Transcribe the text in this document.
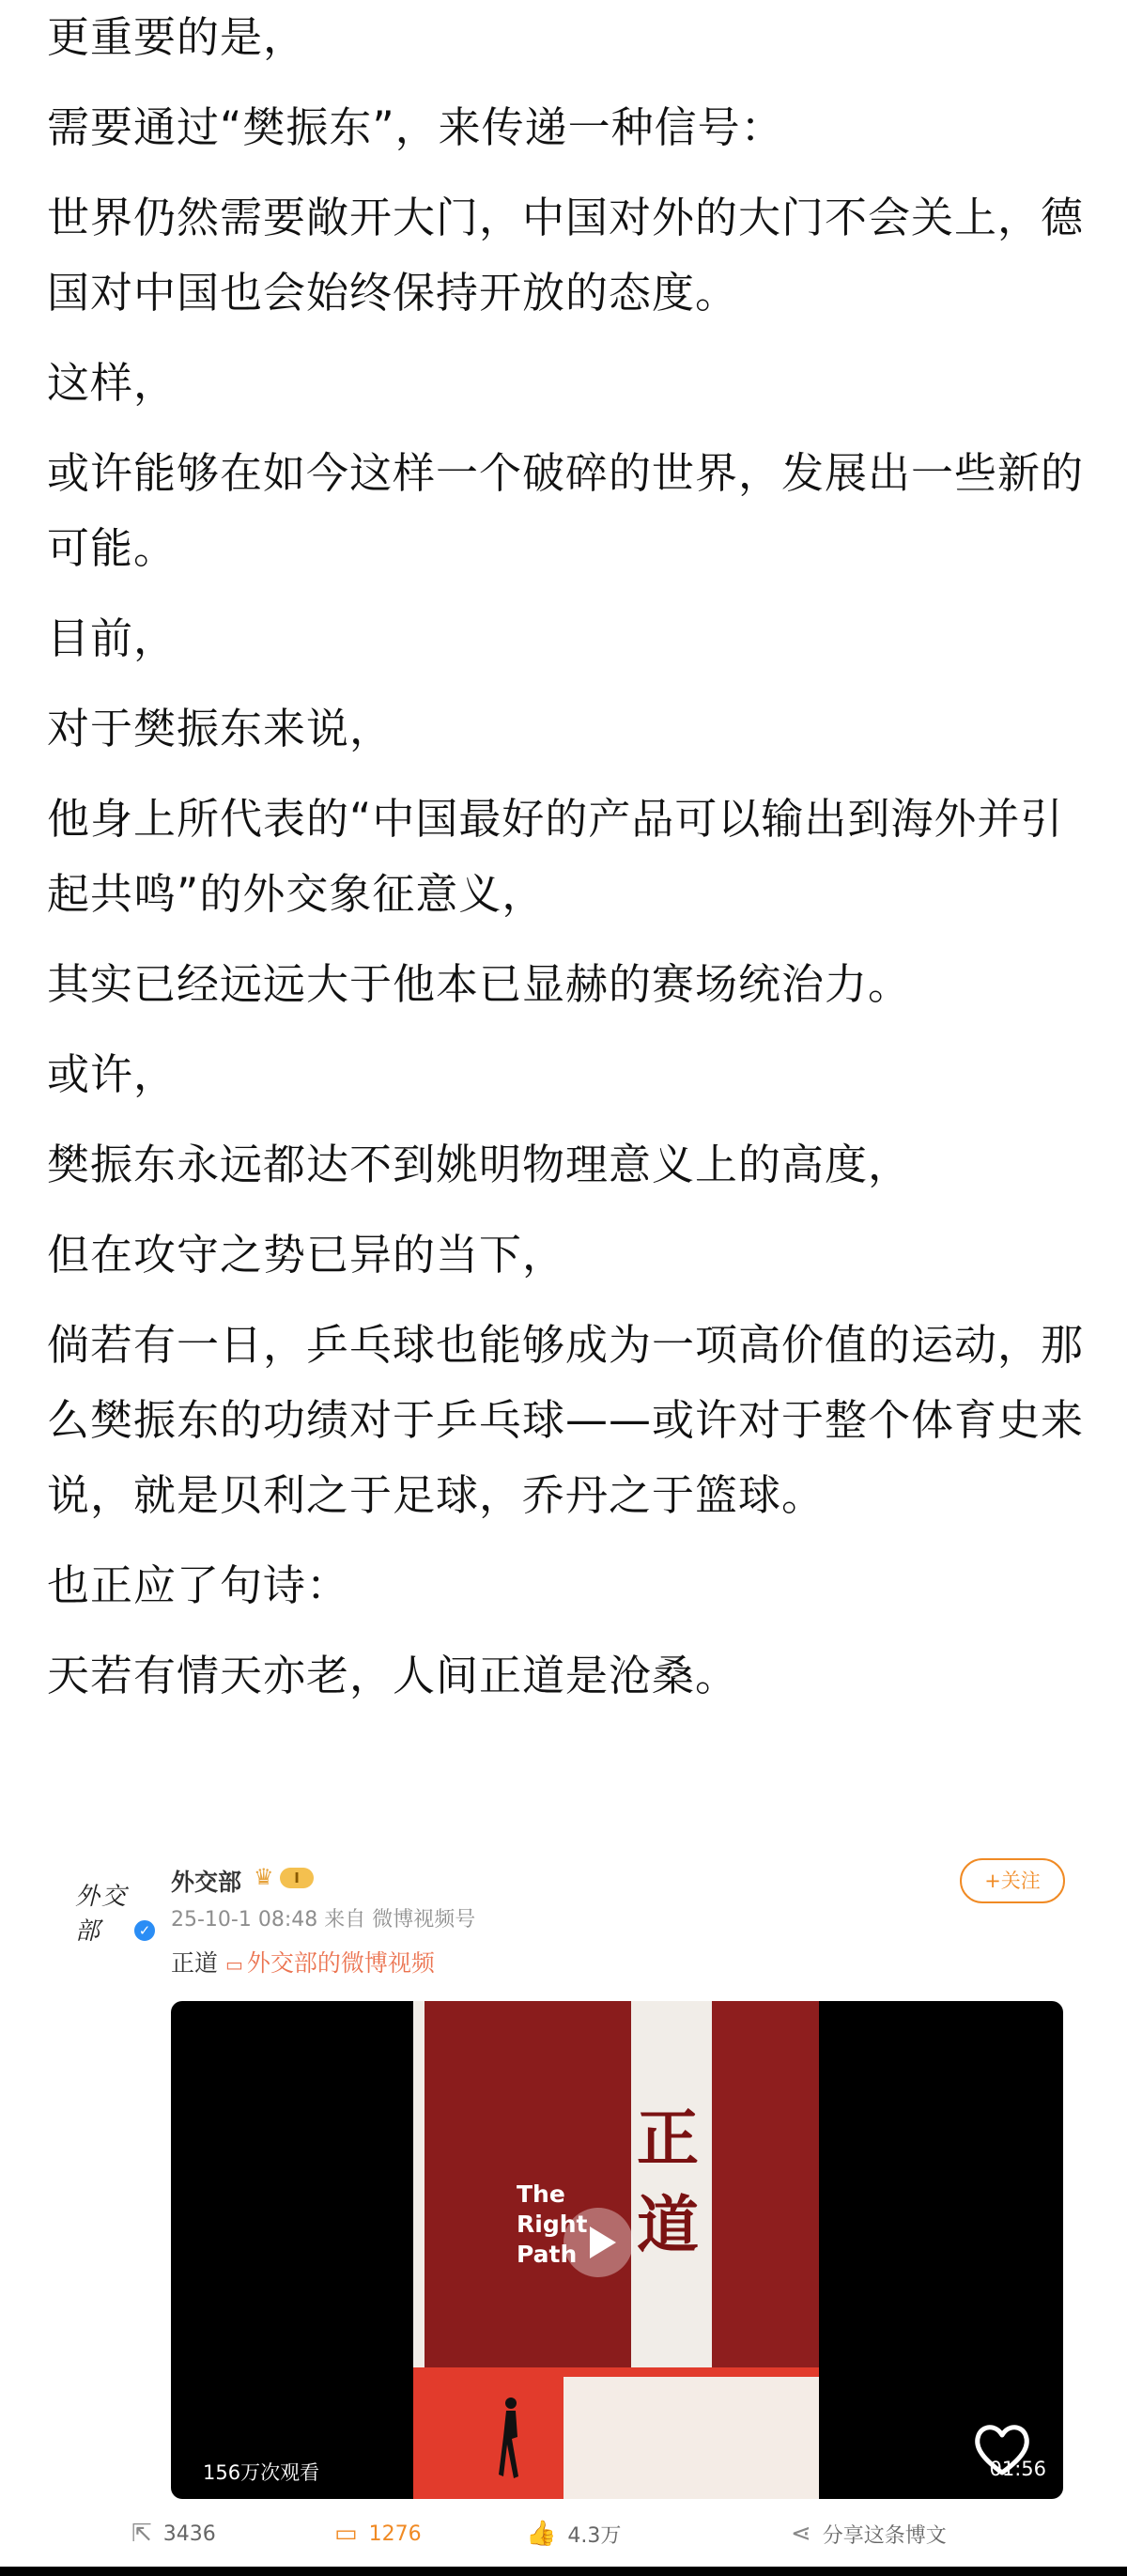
更重要的是，

需要通过“樊振东”，来传递一种信号：

世界仍然需要敞开大门，中国对外的大门不会关上，德国对中国也会始终保持开放的态度。

这样，

或许能够在如今这样一个破碎的世界，发展出一些新的可能。

目前，

对于樊振东来说，

他身上所代表的“中国最好的产品可以输出到海外并引起共鸣”的外交象征意义，

其实已经远远大于他本已显赫的赛场统治力。

或许，

樊振东永远都达不到姚明物理意义上的高度，

但在攻守之势已异的当下，

倘若有一日，乒乓球也能够成为一项高价值的运动，那么樊振东的功绩对于乒乓球——或许对于整个体育史来说，就是贝利之于足球，乔丹之于篮球。

也正应了句诗：

天若有情天亦老，人间正道是沧桑。

外交部	✓
外交部 ♛	Ⅰ
25-10-1 08:48 来自 微博视频号
+关注
正道 ▭ 外交部的微博视频
正
道
The
Right
Path
156万次观看	01:56
⇱ 3436	▭ 1276	👍 4.3万	⋖ 分享这条博文
